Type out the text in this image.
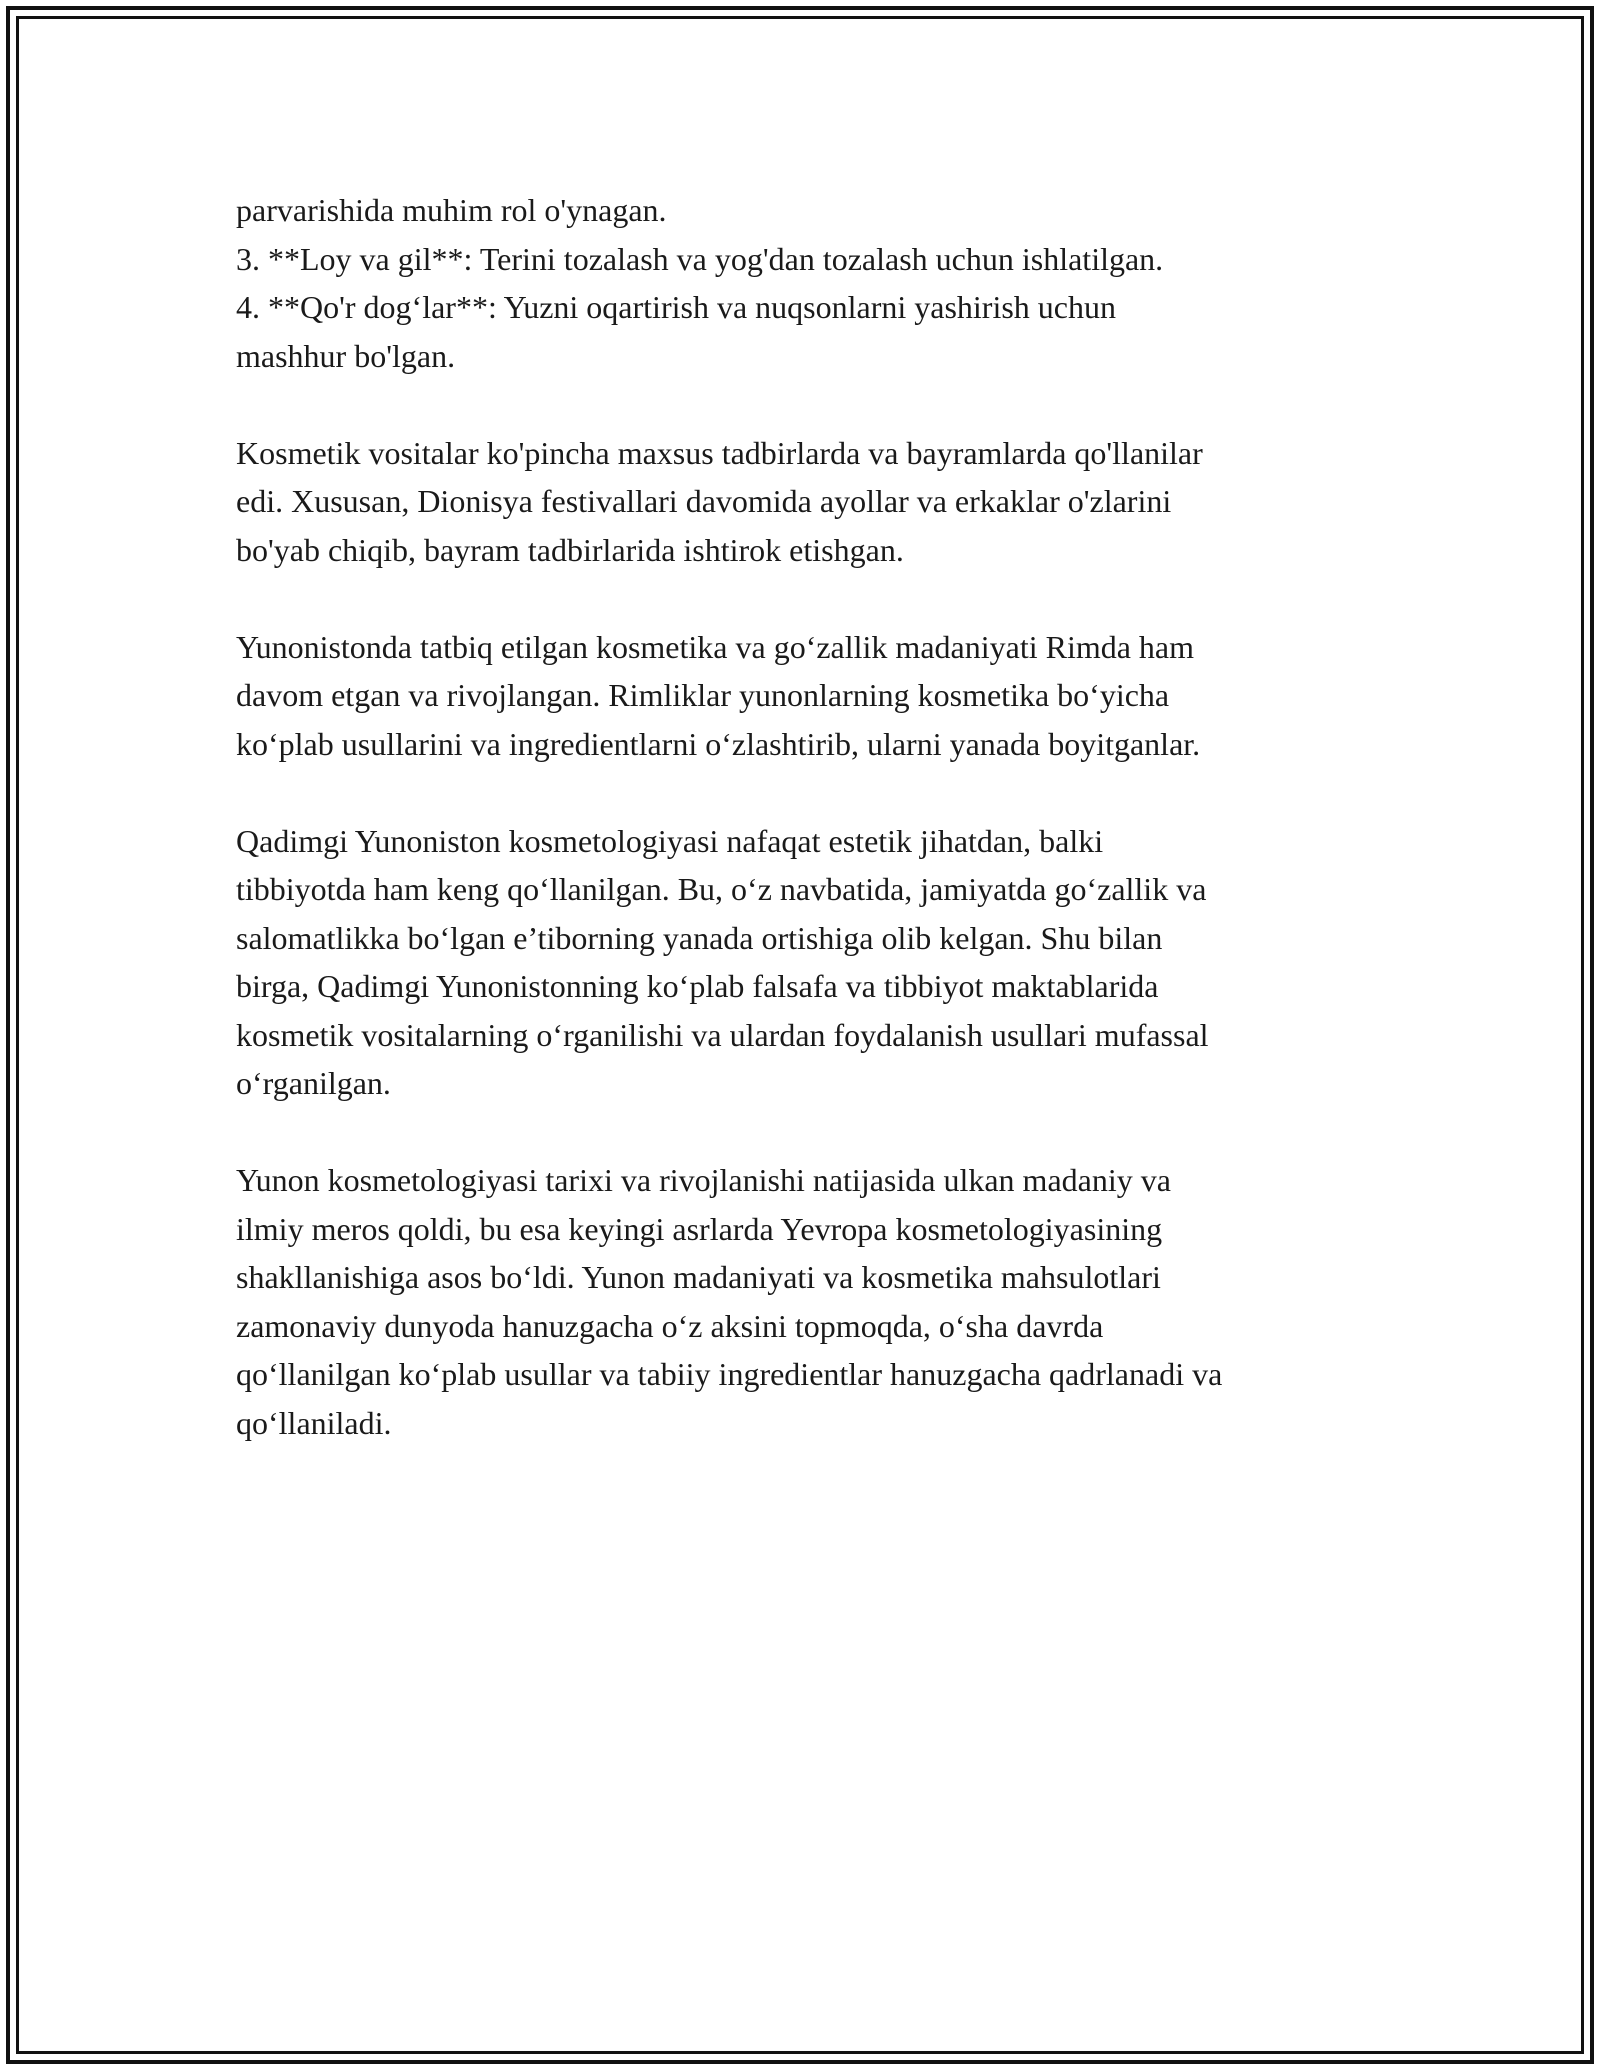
parvarishida muhim rol o'ynagan.
3. **Loy va gil**: Terini tozalash va yog'dan tozalash uchun ishlatilgan.
4. **Qo'r dog‘lar**: Yuzni oqartirish va nuqsonlarni yashirish uchun
mashhur bo'lgan.
Kosmetik vositalar ko'pincha maxsus tadbirlarda va bayramlarda qo'llanilar
edi. Xususan, Dionisya festivallari davomida ayollar va erkaklar o'zlarini
bo'yab chiqib, bayram tadbirlarida ishtirok etishgan.
Yunonistonda tatbiq etilgan kosmetika va go‘zallik madaniyati Rimda ham
davom etgan va rivojlangan. Rimliklar yunonlarning kosmetika bo‘yicha
ko‘plab usullarini va ingredientlarni o‘zlashtirib, ularni yanada boyitganlar.
Qadimgi Yunoniston kosmetologiyasi nafaqat estetik jihatdan, balki
tibbiyotda ham keng qo‘llanilgan. Bu, o‘z navbatida, jamiyatda go‘zallik va
salomatlikka bo‘lgan e’tiborning yanada ortishiga olib kelgan. Shu bilan
birga, Qadimgi Yunonistonning ko‘plab falsafa va tibbiyot maktablarida
kosmetik vositalarning o‘rganilishi va ulardan foydalanish usullari mufassal
o‘rganilgan.
Yunon kosmetologiyasi tarixi va rivojlanishi natijasida ulkan madaniy va
ilmiy meros qoldi, bu esa keyingi asrlarda Yevropa kosmetologiyasining
shakllanishiga asos bo‘ldi. Yunon madaniyati va kosmetika mahsulotlari
zamonaviy dunyoda hanuzgacha o‘z aksini topmoqda, o‘sha davrda
qo‘llanilgan ko‘plab usullar va tabiiy ingredientlar hanuzgacha qadrlanadi va
qo‘llaniladi.
